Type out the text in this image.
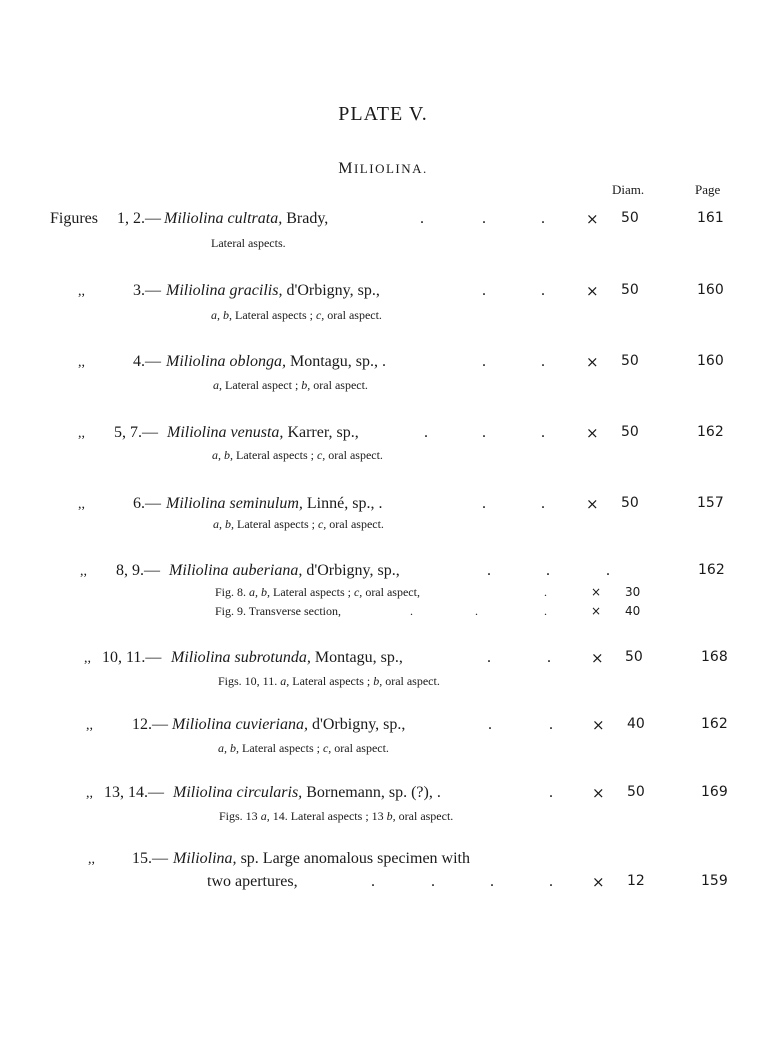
PLATE V.
MILIOLINA.
Diam.	Page
Figures 1, 2.— Miliolina cultrata, Brady,	.	.	.	× 50	161
Lateral aspects.
,,	3.— Miliolina gracilis, d'Orbigny, sp.,	.	.	× 50	160
a, b, Lateral aspects ; c, oral aspect.
,,	4.— Miliolina oblonga, Montagu, sp., .	.	.	× 50	160
a, Lateral aspect ; b, oral aspect.
,, 5, 7.— Miliolina venusta, Karrer, sp.,	.	.	.	× 50	162
a, b, Lateral aspects ; c, oral aspect.
,,	6.— Miliolina seminulum, Linné, sp., .	.	.	× 50	157
a, b, Lateral aspects ; c, oral aspect.
,, 8, 9.— Miliolina auberiana, d'Orbigny, sp.,	.	.	.	162
Fig. 8. a, b, Lateral aspects ; c, oral aspect,	.	× 30
Fig. 9. Transverse section,	.	.	.	× 40
,, 10, 11.— Miliolina subrotunda, Montagu, sp.,	.	.	× 50	168
Figs. 10, 11. a, Lateral aspects ; b, oral aspect.
,, 12.— Miliolina cuvieriana, d'Orbigny, sp.,	.	.	× 40	162
a, b, Lateral aspects ; c, oral aspect.
,, 13, 14.— Miliolina circularis, Bornemann, sp. (?), .	.	× 50	169
Figs. 13 a, 14. Lateral aspects ; 13 b, oral aspect.
,, 15.— Miliolina, sp. Large anomalous specimen with
two apertures,	.	.	.	.	× 12	159
